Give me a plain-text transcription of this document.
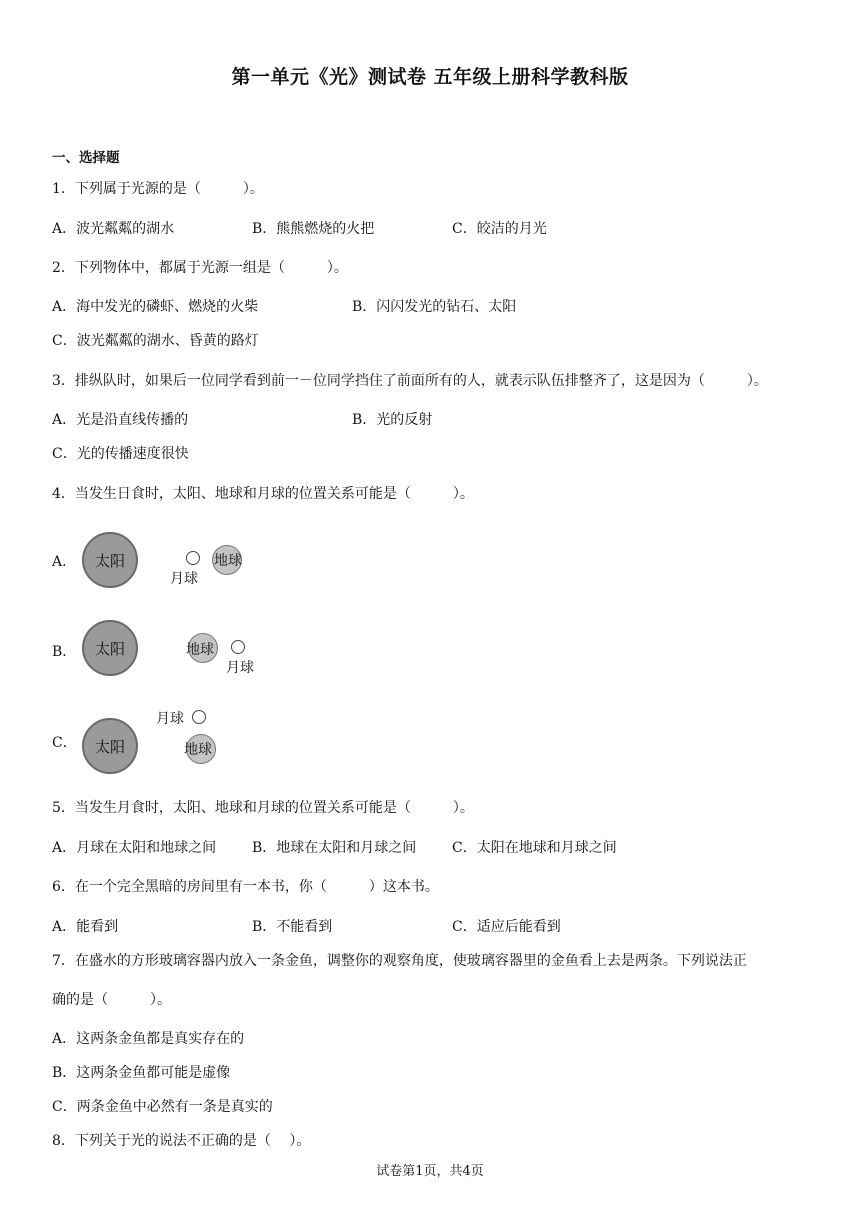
第一单元《光》测试卷 五年级上册科学教科版
一、选择题
1．下列属于光源的是（　　　）。
A．波光粼粼的湖水	B．熊熊燃烧的火把	C．皎洁的月光
2．下列物体中，都属于光源一组是（　　　）。
A．海中发光的磷虾、燃烧的火柴	B．闪闪发光的钻石、太阳
C．波光粼粼的湖水、昏黄的路灯
3．排纵队时，如果后一位同学看到前一－位同学挡住了前面所有的人，就表示队伍排整齐了，这是因为（　　　）。
A．光是沿直线传播的	B．光的反射
C．光的传播速度很快
4．当发生日食时，太阳、地球和月球的位置关系可能是（　　　）。
A． 太阳
月球
地球
B． 太阳	地球
月球
C． 太阳
月球
地球
5．当发生月食时，太阳、地球和月球的位置关系可能是（　　　）。
A．月球在太阳和地球之间	B．地球在太阳和月球之间	C．太阳在地球和月球之间
6．在一个完全黑暗的房间里有一本书，你（　　　）这本书。
A．能看到	B．不能看到	C．适应后能看到
7．在盛水的方形玻璃容器内放入一条金鱼，调整你的观察角度，使玻璃容器里的金鱼看上去是两条。下列说法正
确的是（　　　）。
A．这两条金鱼都是真实存在的
B．这两条金鱼都可能是虚像
C．两条金鱼中必然有一条是真实的
8．下列关于光的说法不正确的是（　 ）。
试卷第1页，共4页
